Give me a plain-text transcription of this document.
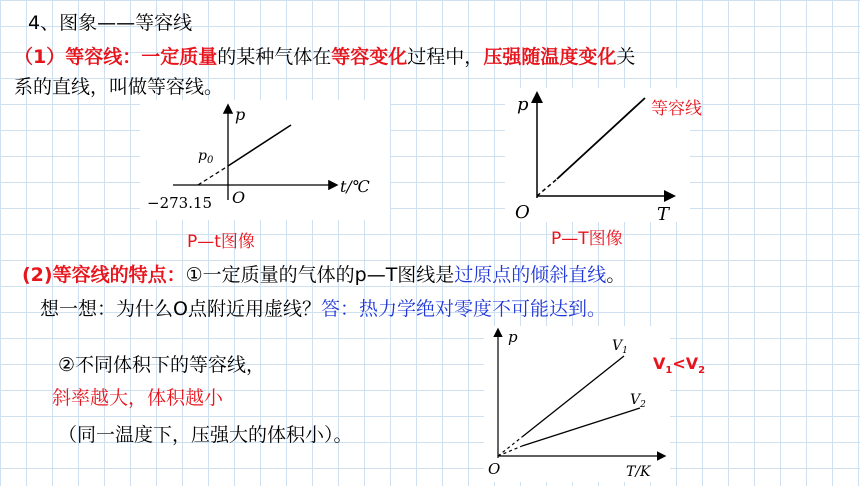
4、图象——等容线
（1）等容线：一定质量的某种气体在等容变化过程中，压强随温度变化关
系的直线，叫做等容线。
p
$p_0$
t/℃
−273.15 O
P—t图像
p
O	T
等容线
P—T图像
(2)等容线的特点：①一定质量的气体的p—T图线是过原点的倾斜直线。
想一想：为什么O点附近用虚线？答：热力学绝对零度不可能达到。
②不同体积下的等容线，
斜率越大，体积越小
（同一温度下，压强大的体积小）。
p
O	T/K
$V_1$
$V_2$
$V_1<V_2$
